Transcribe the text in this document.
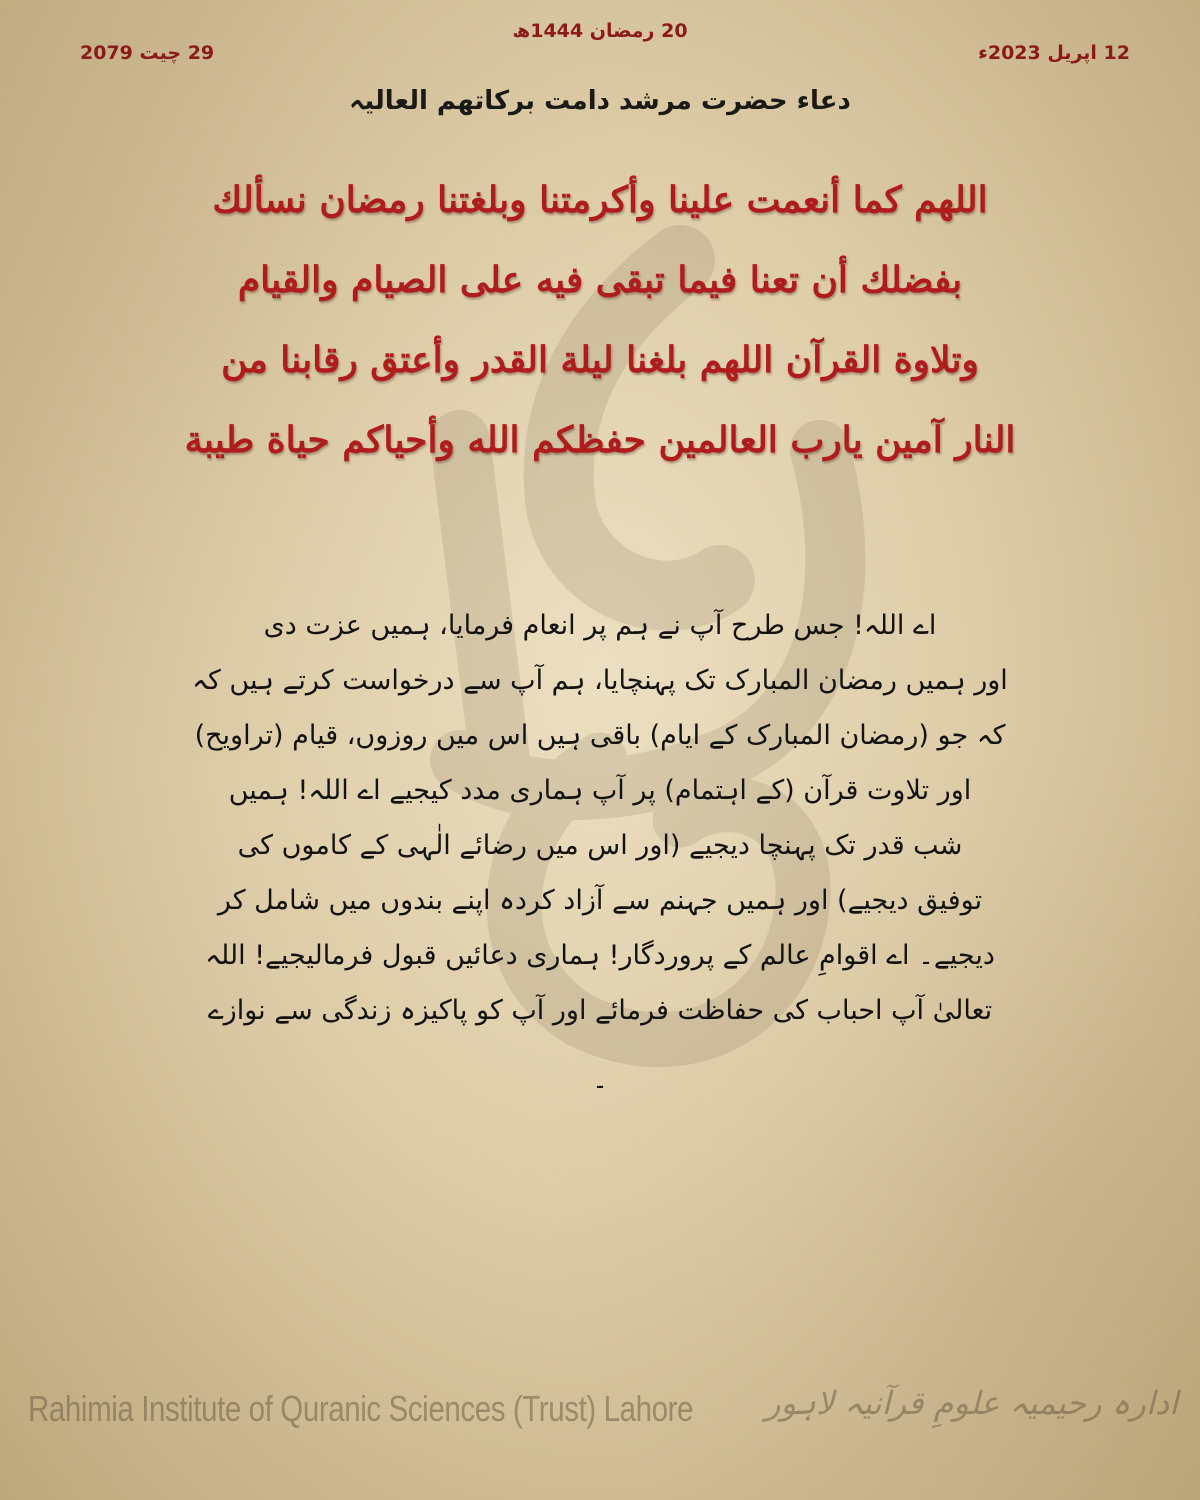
20 رمضان 1444ھ
12 اپریل 2023ء
29 چیت 2079
دعاء حضرت مرشد دامت برکاتھم العالیہ
اللهم كما أنعمت علينا وأكرمتنا وبلغتنا رمضان نسألك
بفضلك أن تعنا فيما تبقى فيه على الصيام والقيام
وتلاوة القرآن اللهم بلغنا ليلة القدر وأعتق رقابنا من
النار آمين يارب العالمين حفظكم الله وأحياكم حياة طيبة
اے اللہ! جس طرح آپ نے ہم پر انعام فرمایا، ہمیں عزت دی
اور ہمیں رمضان المبارک تک پہنچایا، ہم آپ سے درخواست کرتے ہیں کہ
کہ جو (رمضان المبارک کے ایام) باقی ہیں اس میں روزوں، قیام (تراویح)
اور تلاوت قرآن (کے اہتمام) پر آپ ہماری مدد کیجیے اے اللہ! ہمیں
شب قدر تک پہنچا دیجیے (اور اس میں رضائے الٰہی کے کاموں کی
توفیق دیجیے) اور ہمیں جہنم سے آزاد کردہ اپنے بندوں میں شامل کر
دیجیے۔ اے اقوامِ عالم کے پروردگار! ہماری دعائیں قبول فرمالیجیے! اللہ
تعالیٰ آپ احباب کی حفاظت فرمائے اور آپ کو پاکیزہ زندگی سے نوازے
۔
Rahimia Institute of Quranic Sciences (Trust) Lahore ادارہ رحیمیہ علومِ قرآنیہ لاہور
